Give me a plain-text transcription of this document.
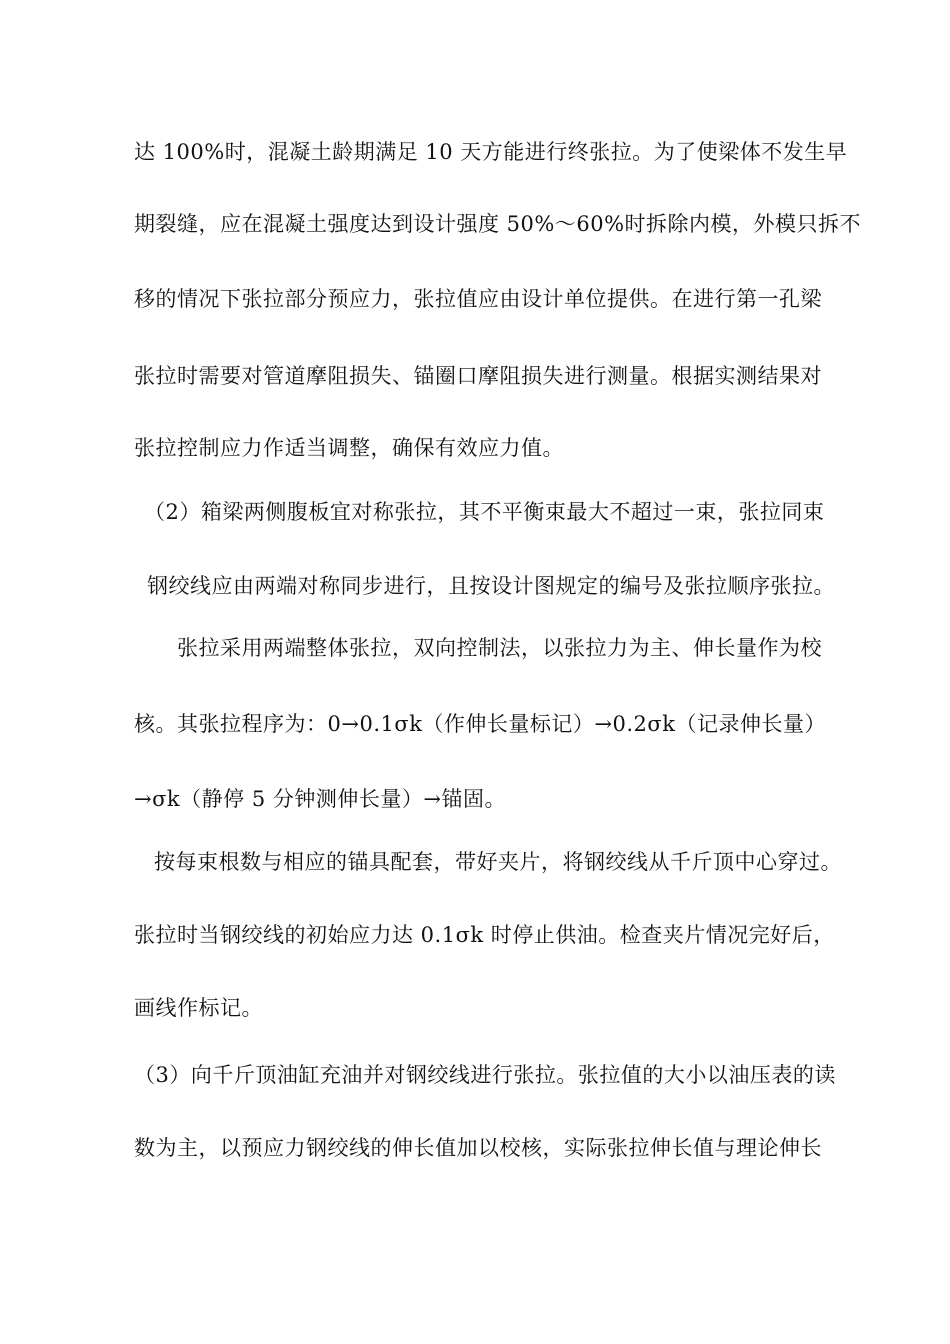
达 100%时，混凝土龄期满足 10 天方能进行终张拉。为了使梁体不发生早
期裂缝，应在混凝土强度达到设计强度 50%～60%时拆除内模，外模只拆不
移的情况下张拉部分预应力，张拉值应由设计单位提供。在进行第一孔梁
张拉时需要对管道摩阻损失、锚圈口摩阻损失进行测量。根据实测结果对
张拉控制应力作适当调整，确保有效应力值。
（2）箱梁两侧腹板宜对称张拉，其不平衡束最大不超过一束，张拉同束
钢绞线应由两端对称同步进行，且按设计图规定的编号及张拉顺序张拉。
张拉采用两端整体张拉，双向控制法，以张拉力为主、伸长量作为校
核。其张拉程序为：0→0.1σk（作伸长量标记）→0.2σk（记录伸长量）
→σk（静停 5 分钟测伸长量）→锚固。
按每束根数与相应的锚具配套，带好夹片，将钢绞线从千斤顶中心穿过。
张拉时当钢绞线的初始应力达 0.1σk 时停止供油。检查夹片情况完好后，
画线作标记。
（3）向千斤顶油缸充油并对钢绞线进行张拉。张拉值的大小以油压表的读
数为主，以预应力钢绞线的伸长值加以校核，实际张拉伸长值与理论伸长
